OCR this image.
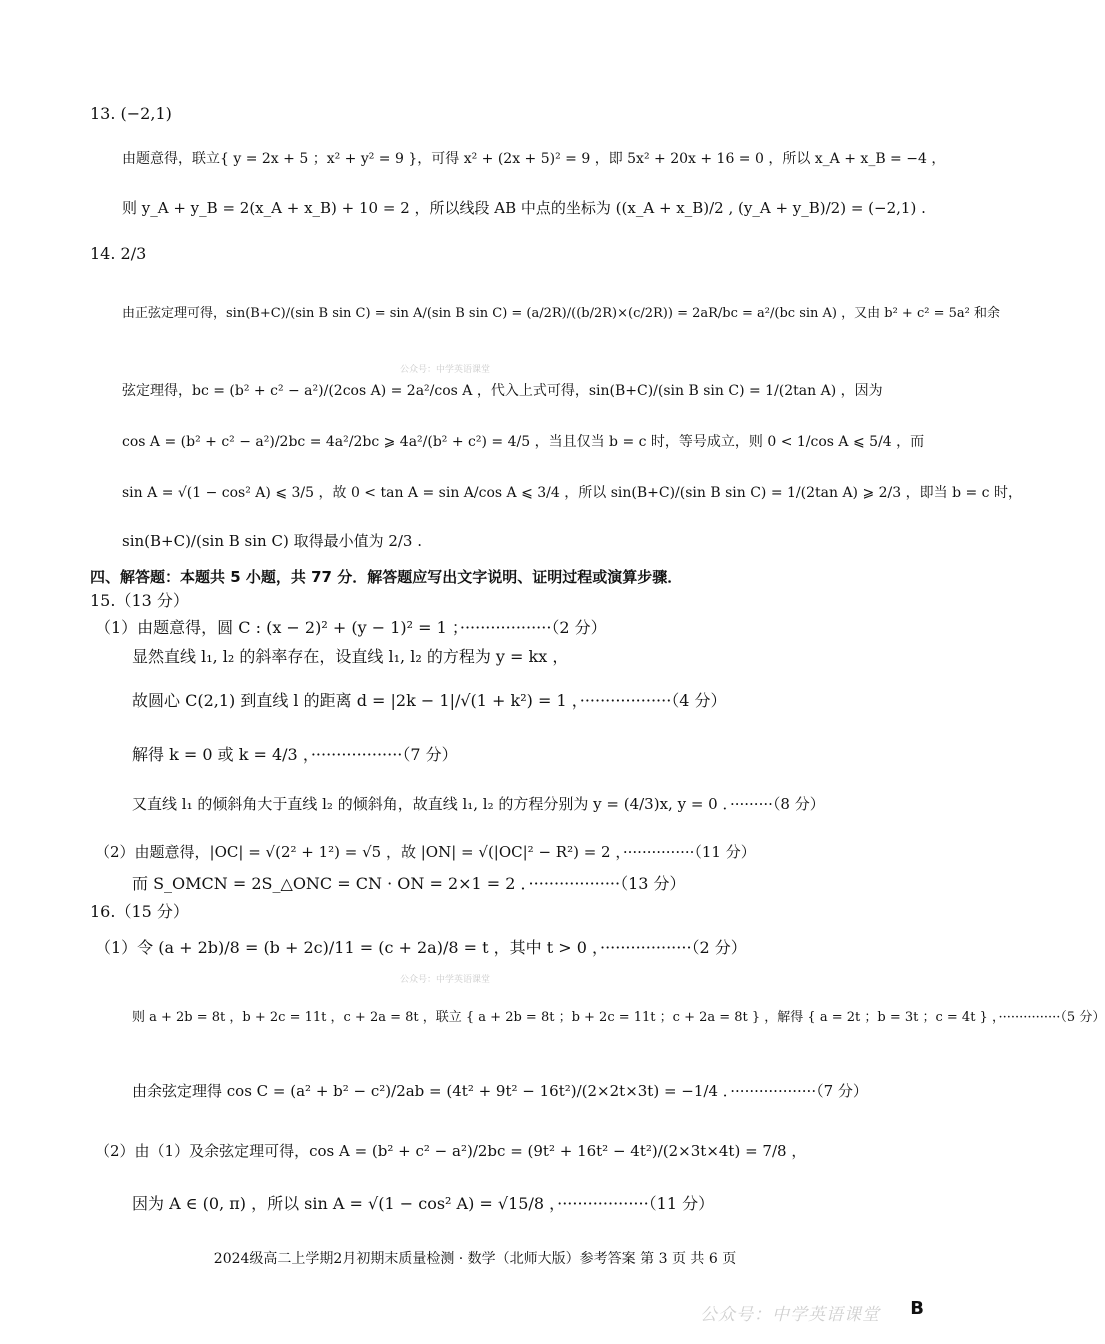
13. (−2,1)
由题意得，联立{ y = 2x + 5 ；x² + y² = 9 }，可得 x² + (2x + 5)² = 9 ，即 5x² + 20x + 16 = 0 ，所以 x_A + x_B = −4 ，
则 y_A + y_B = 2(x_A + x_B) + 10 = 2 ，所以线段 AB 中点的坐标为 ((x_A + x_B)/2 , (y_A + y_B)/2) = (−2,1) .
14. 2/3
由正弦定理可得，sin(B+C)/(sin B sin C) = sin A/(sin B sin C) = (a/2R)/((b/2R)×(c/2R)) = 2aR/bc = a²/(bc sin A) ，又由 b² + c² = 5a² 和余
弦定理得，bc = (b² + c² − a²)/(2cos A) = 2a²/cos A ，代入上式可得，sin(B+C)/(sin B sin C) = 1/(2tan A) ，因为
cos A = (b² + c² − a²)/2bc = 4a²/2bc ⩾ 4a²/(b² + c²) = 4/5 ，当且仅当 b = c 时，等号成立，则 0 < 1/cos A ⩽ 5/4 ，而
sin A = √(1 − cos² A) ⩽ 3/5 ，故 0 < tan A = sin A/cos A ⩽ 3/4 ，所以 sin(B+C)/(sin B sin C) = 1/(2tan A) ⩾ 2/3 ，即当 b = c 时，
sin(B+C)/(sin B sin C) 取得最小值为 2/3 .
四、解答题：本题共 5 小题，共 77 分．解答题应写出文字说明、证明过程或演算步骤．
15.（13 分）
（1）由题意得，圆 C : (x − 2)² + (y − 1)² = 1 ；··················（2 分）
显然直线 l₁, l₂ 的斜率存在，设直线 l₁, l₂ 的方程为 y = kx ，
故圆心 C(2,1) 到直线 l 的距离 d = |2k − 1|/√(1 + k²) = 1 ，··················（4 分）
解得 k = 0 或 k = 4/3 ，··················（7 分）
又直线 l₁ 的倾斜角大于直线 l₂ 的倾斜角，故直线 l₁, l₂ 的方程分别为 y = (4/3)x, y = 0 ．·········（8 分）
（2）由题意得，|OC| = √(2² + 1²) = √5 ，故 |ON| = √(|OC|² − R²) = 2 ，···············（11 分）
而 S_OMCN = 2S_△ONC = CN · ON = 2×1 = 2 ．··················（13 分）
16.（15 分）
（1）令 (a + 2b)/8 = (b + 2c)/11 = (c + 2a)/8 = t ，其中 t > 0 ，··················（2 分）
则 a + 2b = 8t ，b + 2c = 11t ，c + 2a = 8t ，联立 { a + 2b = 8t ；b + 2c = 11t ；c + 2a = 8t } ，解得 { a = 2t ；b = 3t ；c = 4t } ，···············（5 分）
由余弦定理得 cos C = (a² + b² − c²)/2ab = (4t² + 9t² − 16t²)/(2×2t×3t) = −1/4 ．··················（7 分）
（2）由（1）及余弦定理可得，cos A = (b² + c² − a²)/2bc = (9t² + 16t² − 4t²)/(2×3t×4t) = 7/8 ，
因为 A ∈ (0, π) ，所以 sin A = √(1 − cos² A) = √15/8 ，··················（11 分）
公众号：中学英语课堂
公众号：中学英语课堂
2024级高二上学期2月初期末质量检测 · 数学（北师大版）参考答案 第 3 页 共 6 页
公众号：中学英语课堂 B
